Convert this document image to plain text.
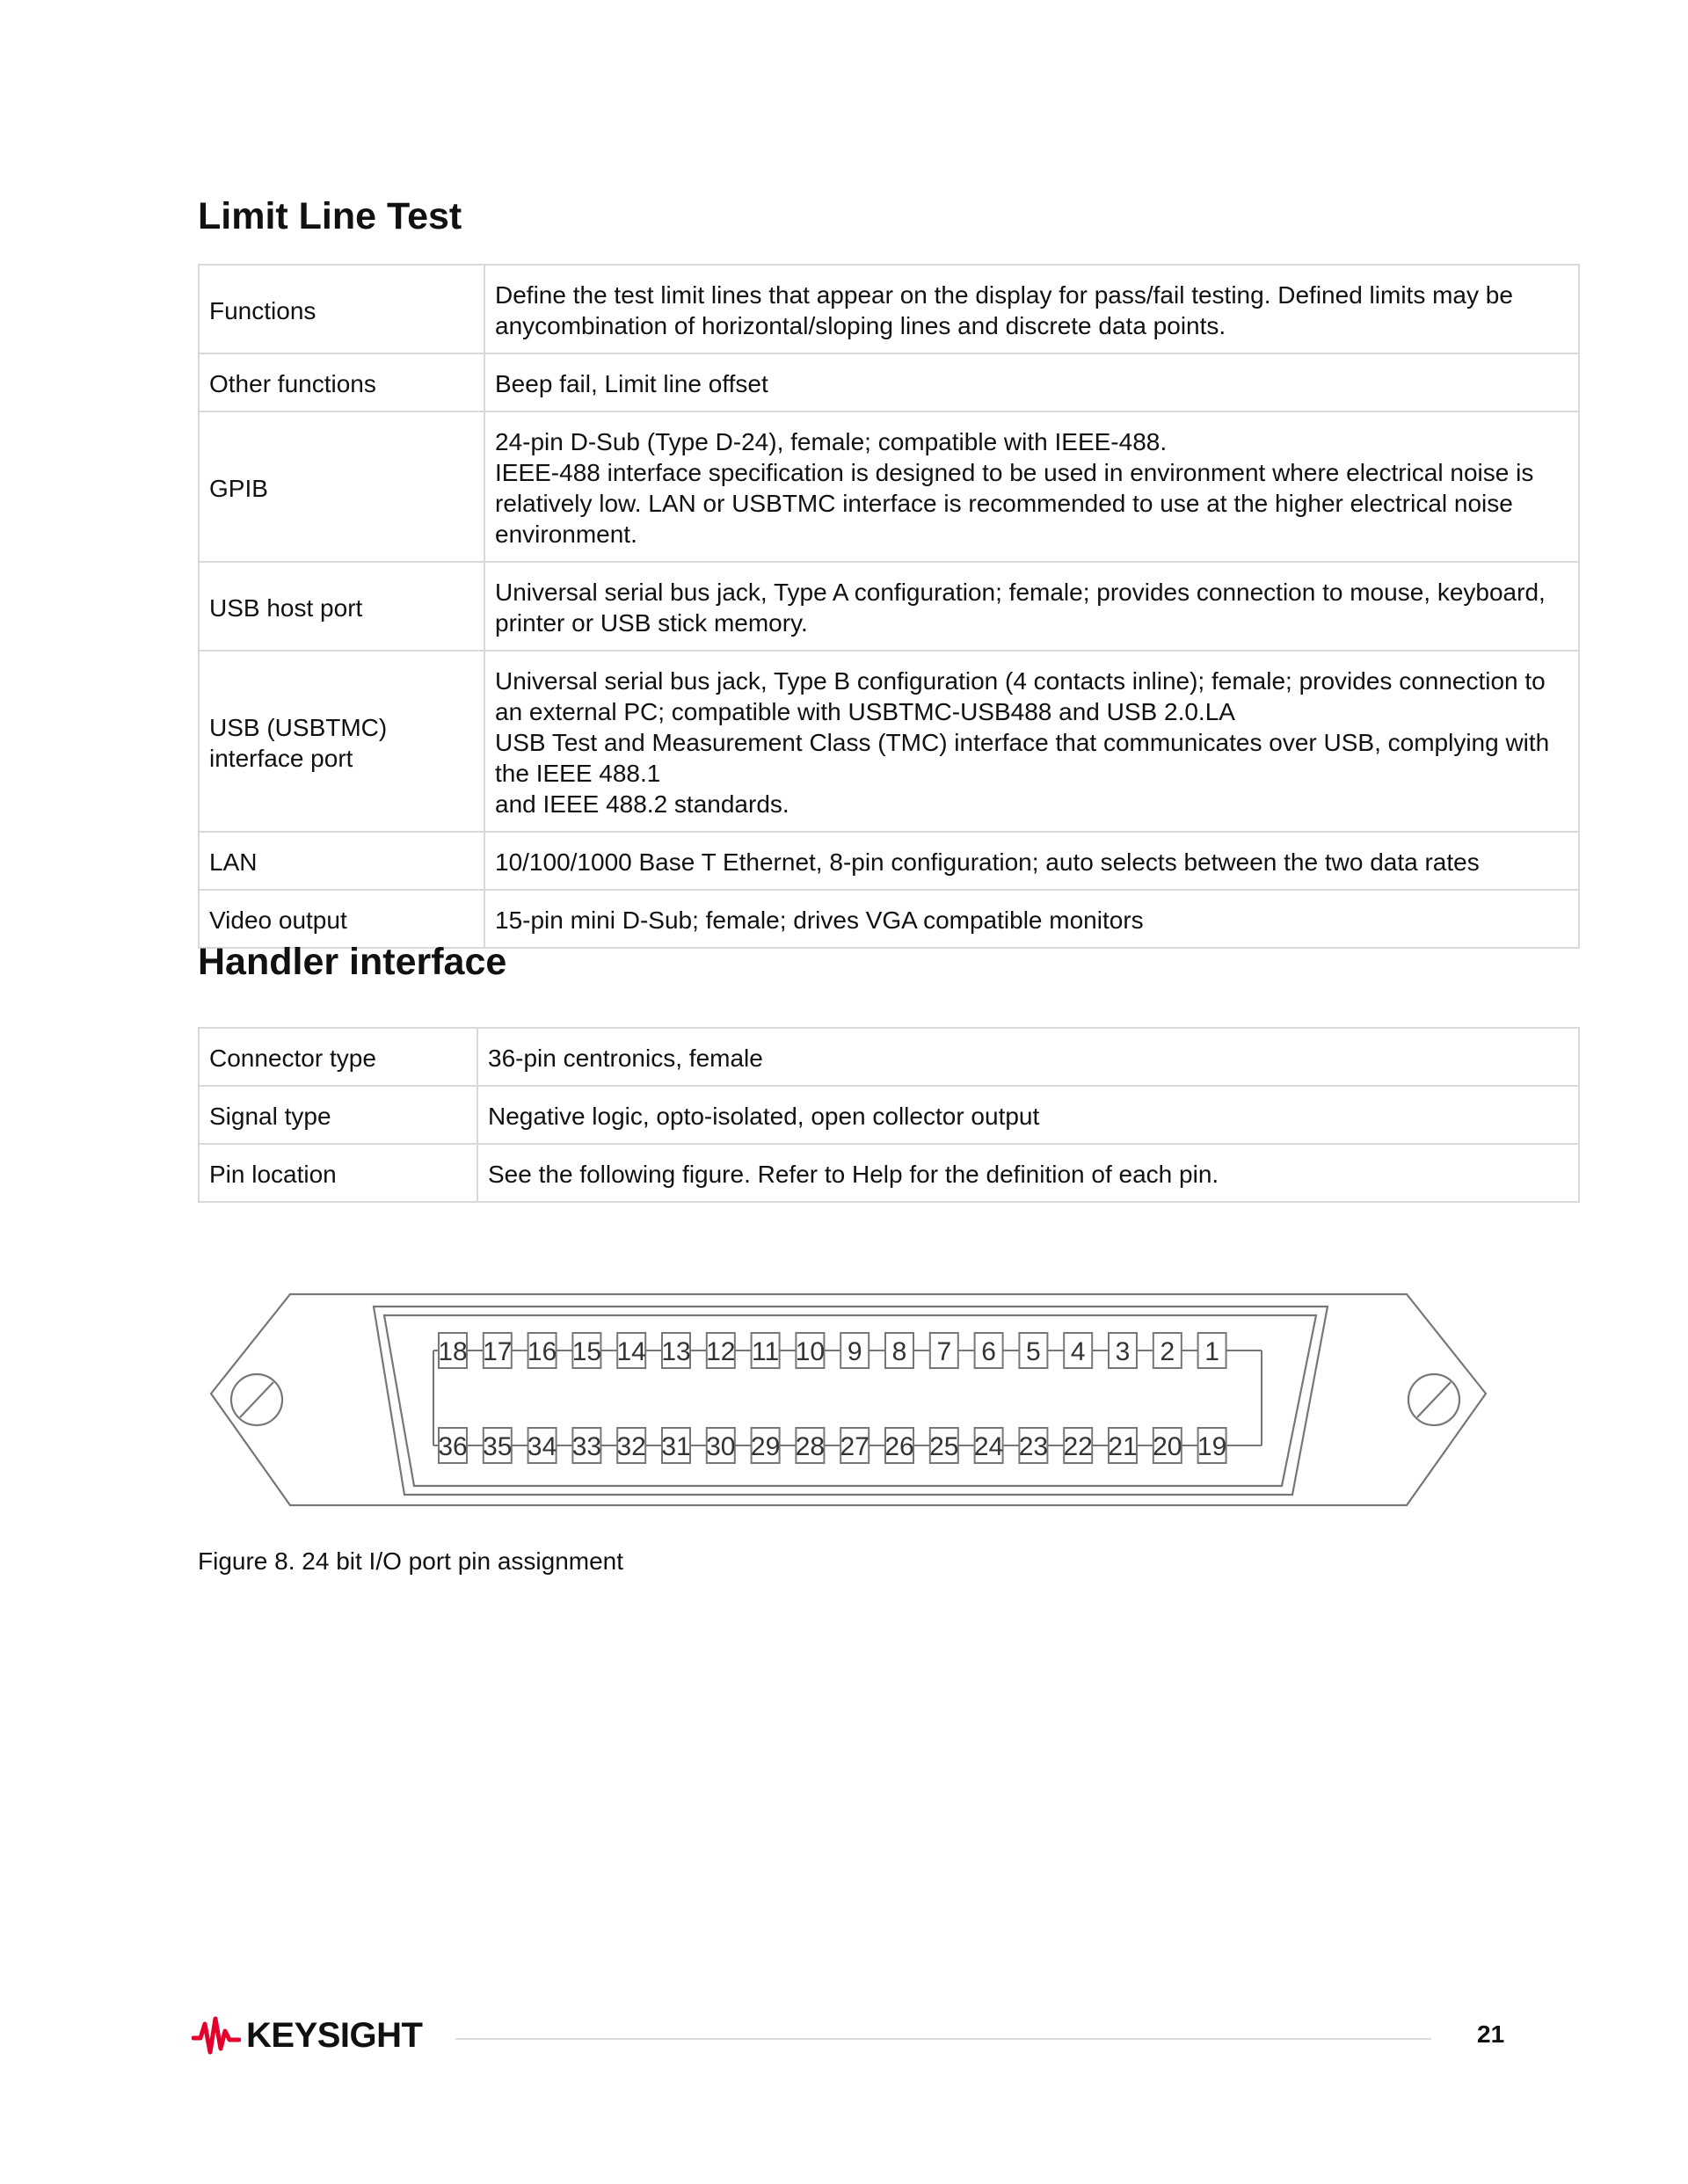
Limit Line Test
Functions	Define the test limit lines that appear on the display for pass/fail testing. Defined limits may be anycombination of horizontal/sloping lines and discrete data points.
Other functions	Beep fail, Limit line offset
GPIB	24-pin D-Sub (Type D-24), female; compatible with IEEE-488.
IEEE-488 interface specification is designed to be used in environment where electrical noise is relatively low. LAN or USBTMC interface is recommended to use at the higher electrical noise environment.
USB host port	Universal serial bus jack, Type A configuration; female; provides connection to mouse, keyboard, printer or USB stick memory.
USB (USBTMC)
interface port	Universal serial bus jack, Type B configuration (4 contacts inline); female; provides connection to an external PC; compatible with USBTMC-USB488 and USB 2.0.LA
USB Test and Measurement Class (TMC) interface that communicates over USB, complying with the IEEE 488.1
and IEEE 488.2 standards.
LAN	10/100/1000 Base T Ethernet, 8-pin configuration; auto selects between the two data rates
Video output	15-pin mini D-Sub; female; drives VGA compatible monitors
Handler interface
Connector type	36-pin centronics, female
Signal type	Negative logic, opto-isolated, open collector output
Pin location	See the following figure. Refer to Help for the definition of each pin.
18 17 16 15 14 13 12 11 10 9 8 7 6 5 4 3 2 1
36 35 34 33 32 31 30 29 28 27 26 25 24 23 22 21 20 19
Figure 8. 24 bit I/O port pin assignment
KEYSIGHT	21
